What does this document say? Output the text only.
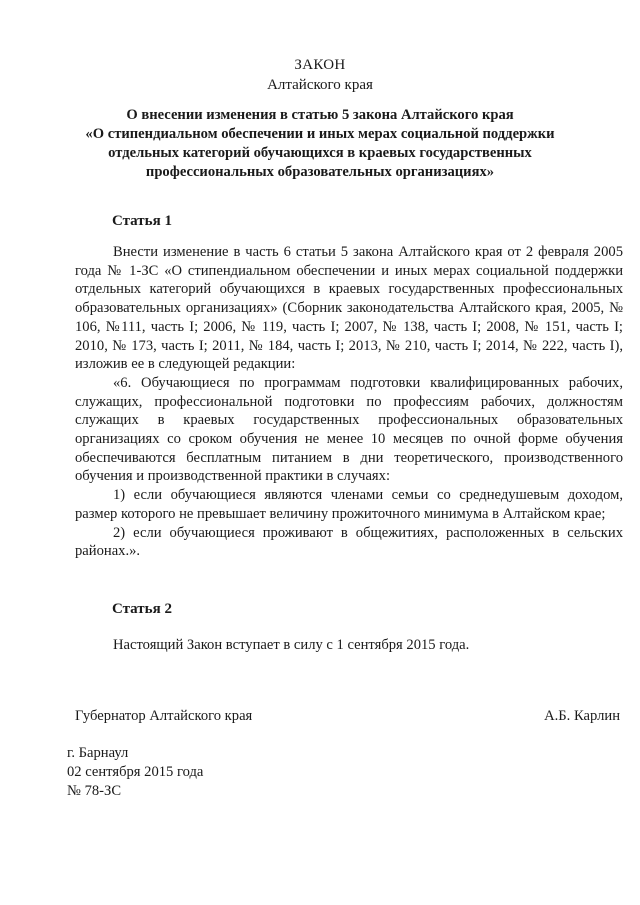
ЗАКОН
Алтайского края
О внесении изменения в статью 5 закона Алтайского края
«О стипендиальном обеспечении и иных мерах социальной поддержки
отдельных категорий обучающихся в краевых государственных
профессиональных образовательных организациях»
Статья 1

Внести изменение в часть 6 статьи 5 закона Алтайского края от 2 февраля 2005 года № 1-ЗС «О стипендиальном обеспечении и иных мерах социальной поддержки отдельных категорий обучающихся в краевых государственных профессиональных образовательных организациях» (Сборник законодательства Алтайского края, 2005, № 106, №111, часть I; 2006, № 119, часть I; 2007, № 138, часть I; 2008, № 151, часть I; 2010, № 173, часть I; 2011, № 184, часть I; 2013, № 210, часть I; 2014, № 222, часть I), изложив ее в следующей редакции:

«6. Обучающиеся по программам подготовки квалифицированных рабочих, служащих, профессиональной подготовки по профессиям рабочих, должностям служащих в краевых государственных профессиональных образовательных организациях со сроком обучения не менее 10 месяцев по очной форме обучения обеспечиваются бесплатным питанием в дни теоретического, производственного обучения и производственной практики в случаях:

1) если обучающиеся являются членами семьи со среднедушевым доходом, размер которого не превышает величину прожиточного минимума в Алтайском крае;

2) если обучающиеся проживают в общежитиях, расположенных в сельских районах.».

Статья 2

Настоящий Закон вступает в силу с 1 сентября 2015 года.

Губернатор Алтайского края	А.Б. Карлин
г. Барнаул
02 сентября 2015 года
№ 78-ЗС
